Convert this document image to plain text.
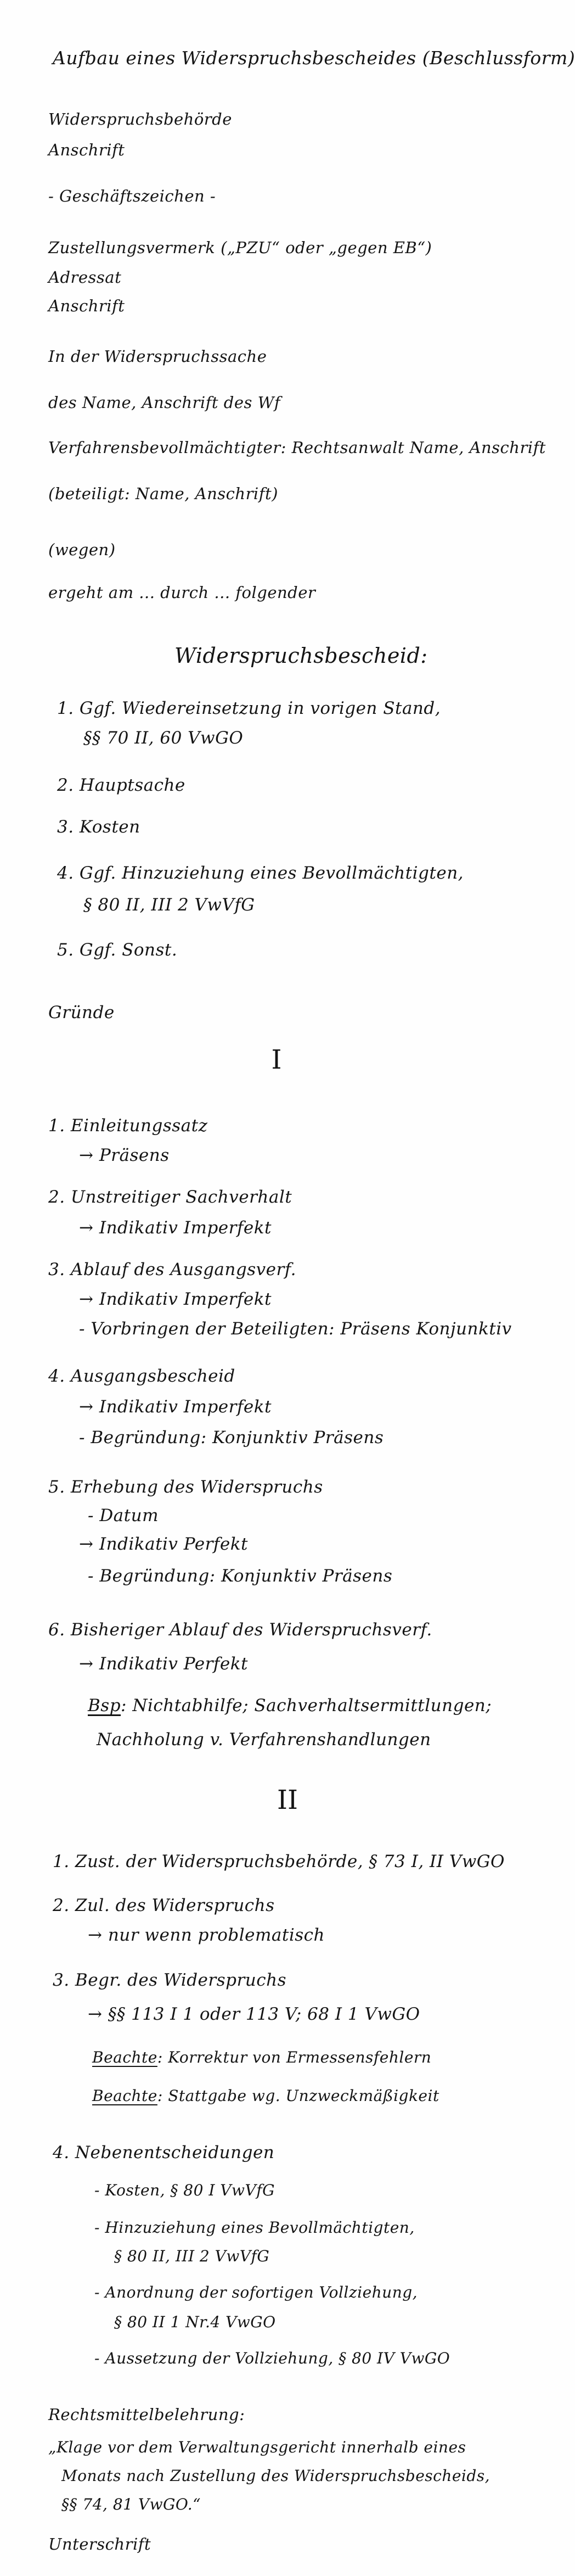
Aufbau eines Widerspruchsbescheides (Beschlussform)
Widerspruchsbehörde
Anschrift
- Geschäftszeichen -
Zustellungsvermerk („PZU“ oder „gegen EB“)
Adressat
Anschrift
In der Widerspruchssache
des Name, Anschrift des Wf
Verfahrensbevollmächtigter: Rechtsanwalt Name, Anschrift
(beteiligt: Name, Anschrift)
(wegen)
ergeht am ... durch ... folgender
Widerspruchsbescheid:
1. Ggf. Wiedereinsetzung in vorigen Stand,
§§ 70 II, 60 VwGO
2. Hauptsache
3. Kosten
4. Ggf. Hinzuziehung eines Bevollmächtigten,
§ 80 II, III 2 VwVfG
5. Ggf. Sonst.
Gründe
I
1. Einleitungssatz
→ Präsens
2. Unstreitiger Sachverhalt
→ Indikativ Imperfekt
3. Ablauf des Ausgangsverf.
→ Indikativ Imperfekt
- Vorbringen der Beteiligten: Präsens Konjunktiv
4. Ausgangsbescheid
→ Indikativ Imperfekt
- Begründung: Konjunktiv Präsens
5. Erhebung des Widerspruchs
- Datum
→ Indikativ Perfekt
- Begründung: Konjunktiv Präsens
6. Bisheriger Ablauf des Widerspruchsverf.
→ Indikativ Perfekt
Bsp: Nichtabhilfe; Sachverhaltsermittlungen;
Nachholung v. Verfahrenshandlungen
II
1. Zust. der Widerspruchsbehörde, § 73 I, II VwGO
2. Zul. des Widerspruchs
→ nur wenn problematisch
3. Begr. des Widerspruchs
→ §§ 113 I 1 oder 113 V; 68 I 1 VwGO
Beachte: Korrektur von Ermessensfehlern
Beachte: Stattgabe wg. Unzweckmäßigkeit
4. Nebenentscheidungen
- Kosten, § 80 I VwVfG
- Hinzuziehung eines Bevollmächtigten,
§ 80 II, III 2 VwVfG
- Anordnung der sofortigen Vollziehung,
§ 80 II 1 Nr.4 VwGO
- Aussetzung der Vollziehung, § 80 IV VwGO
Rechtsmittelbelehrung:
„Klage vor dem Verwaltungsgericht innerhalb eines
Monats nach Zustellung des Widerspruchsbescheids,
§§ 74, 81 VwGO.“
Unterschrift
